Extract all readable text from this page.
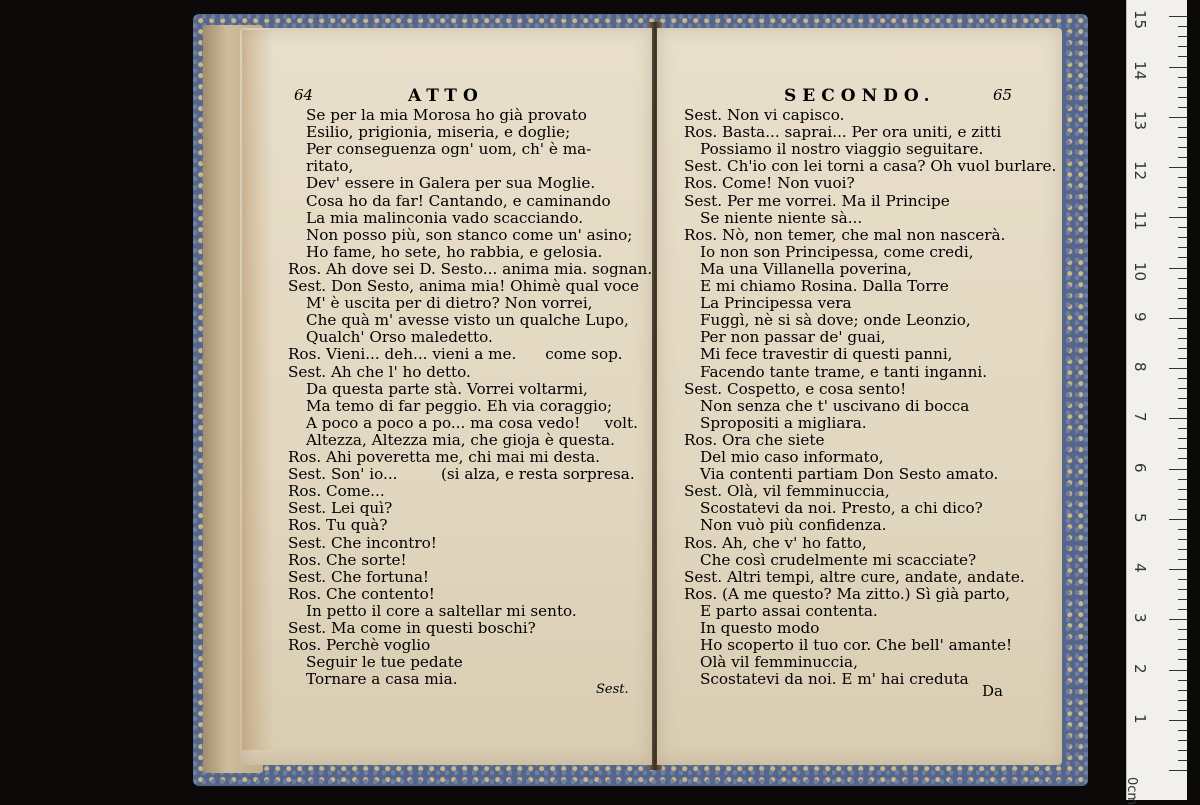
64	ATTO	SECONDO.	65
Se per la mia Morosa ho già provato
Esilio, prigionia, miseria, e doglie;
Per conseguenza ogn' uom, ch' è ma-
ritato,
Dev' essere in Galera per sua Moglie.
Cosa ho da far! Cantando, e caminando
La mia malinconia vado scacciando.
Non posso più, son stanco come un' asino;
Ho fame, ho sete, ho rabbia, e gelosia.
Ros. Ah dove sei D. Sesto... anima mia. sognan.
Sest. Don Sesto, anima mia! Ohimè qual voce
M' è uscita per di dietro? Non vorrei,
Che quà m' avesse visto un qualche Lupo,
Qualch' Orso maledetto.
Ros. Vieni... deh... vieni a me.      come sop.
Sest. Ah che l' ho detto.
Da questa parte stà. Vorrei voltarmi,
Ma temo di far peggio. Eh via coraggio;
A poco a poco a po... ma cosa vedo!     volt.
Altezza, Altezza mia, che gioja è questa.
Ros. Ahi poveretta me, chi mai mi desta.
Sest. Son' io...         (si alza, e resta sorpresa.
Ros. Come...
Sest. Lei quì?
Ros. Tu quà?
Sest. Che incontro!
Ros. Che sorte!
Sest. Che fortuna!
Ros. Che contento!
In petto il core a saltellar mi sento.
Sest. Ma come in questi boschi?
Ros. Perchè voglio
Seguir le tue pedate
Tornare a casa mia.
Sest.
Sest. Non vi capisco.
Ros. Basta... saprai... Per ora uniti, e zitti
Possiamo il nostro viaggio seguitare.
Sest. Ch'io con lei torni a casa? Oh vuol burlare.
Ros. Come! Non vuoi?
Sest. Per me vorrei. Ma il Principe
Se niente niente sà...
Ros. Nò, non temer, che mal non nascerà.
Io non son Principessa, come credi,
Ma una Villanella poverina,
E mi chiamo Rosina. Dalla Torre
La Principessa vera
Fuggì, nè si sà dove; onde Leonzio,
Per non passar de' guai,
Mi fece travestir di questi panni,
Facendo tante trame, e tanti inganni.
Sest. Cospetto, e cosa sento!
Non senza che t' uscivano di bocca
Spropositi a migliara.
Ros. Ora che siete
Del mio caso informato,
Via contenti partiam Don Sesto amato.
Sest. Olà, vil femminuccia,
Scostatevi da noi. Presto, a chi dico?
Non vuò più confidenza.
Ros. Ah, che v' ho fatto,
Che così crudelmente mi scacciate?
Sest. Altri tempi, altre cure, andate, andate.
Ros. (A me questo? Ma zitto.) Sì già parto,
E parto assai contenta.
In questo modo
Ho scoperto il tuo cor. Che bell' amante!
Olà vil femminuccia,
Scostatevi da noi. E m' hai creduta
Da
1
2
3
4
5
6
7
8
9
10
11
12
13
14
15
0cm
